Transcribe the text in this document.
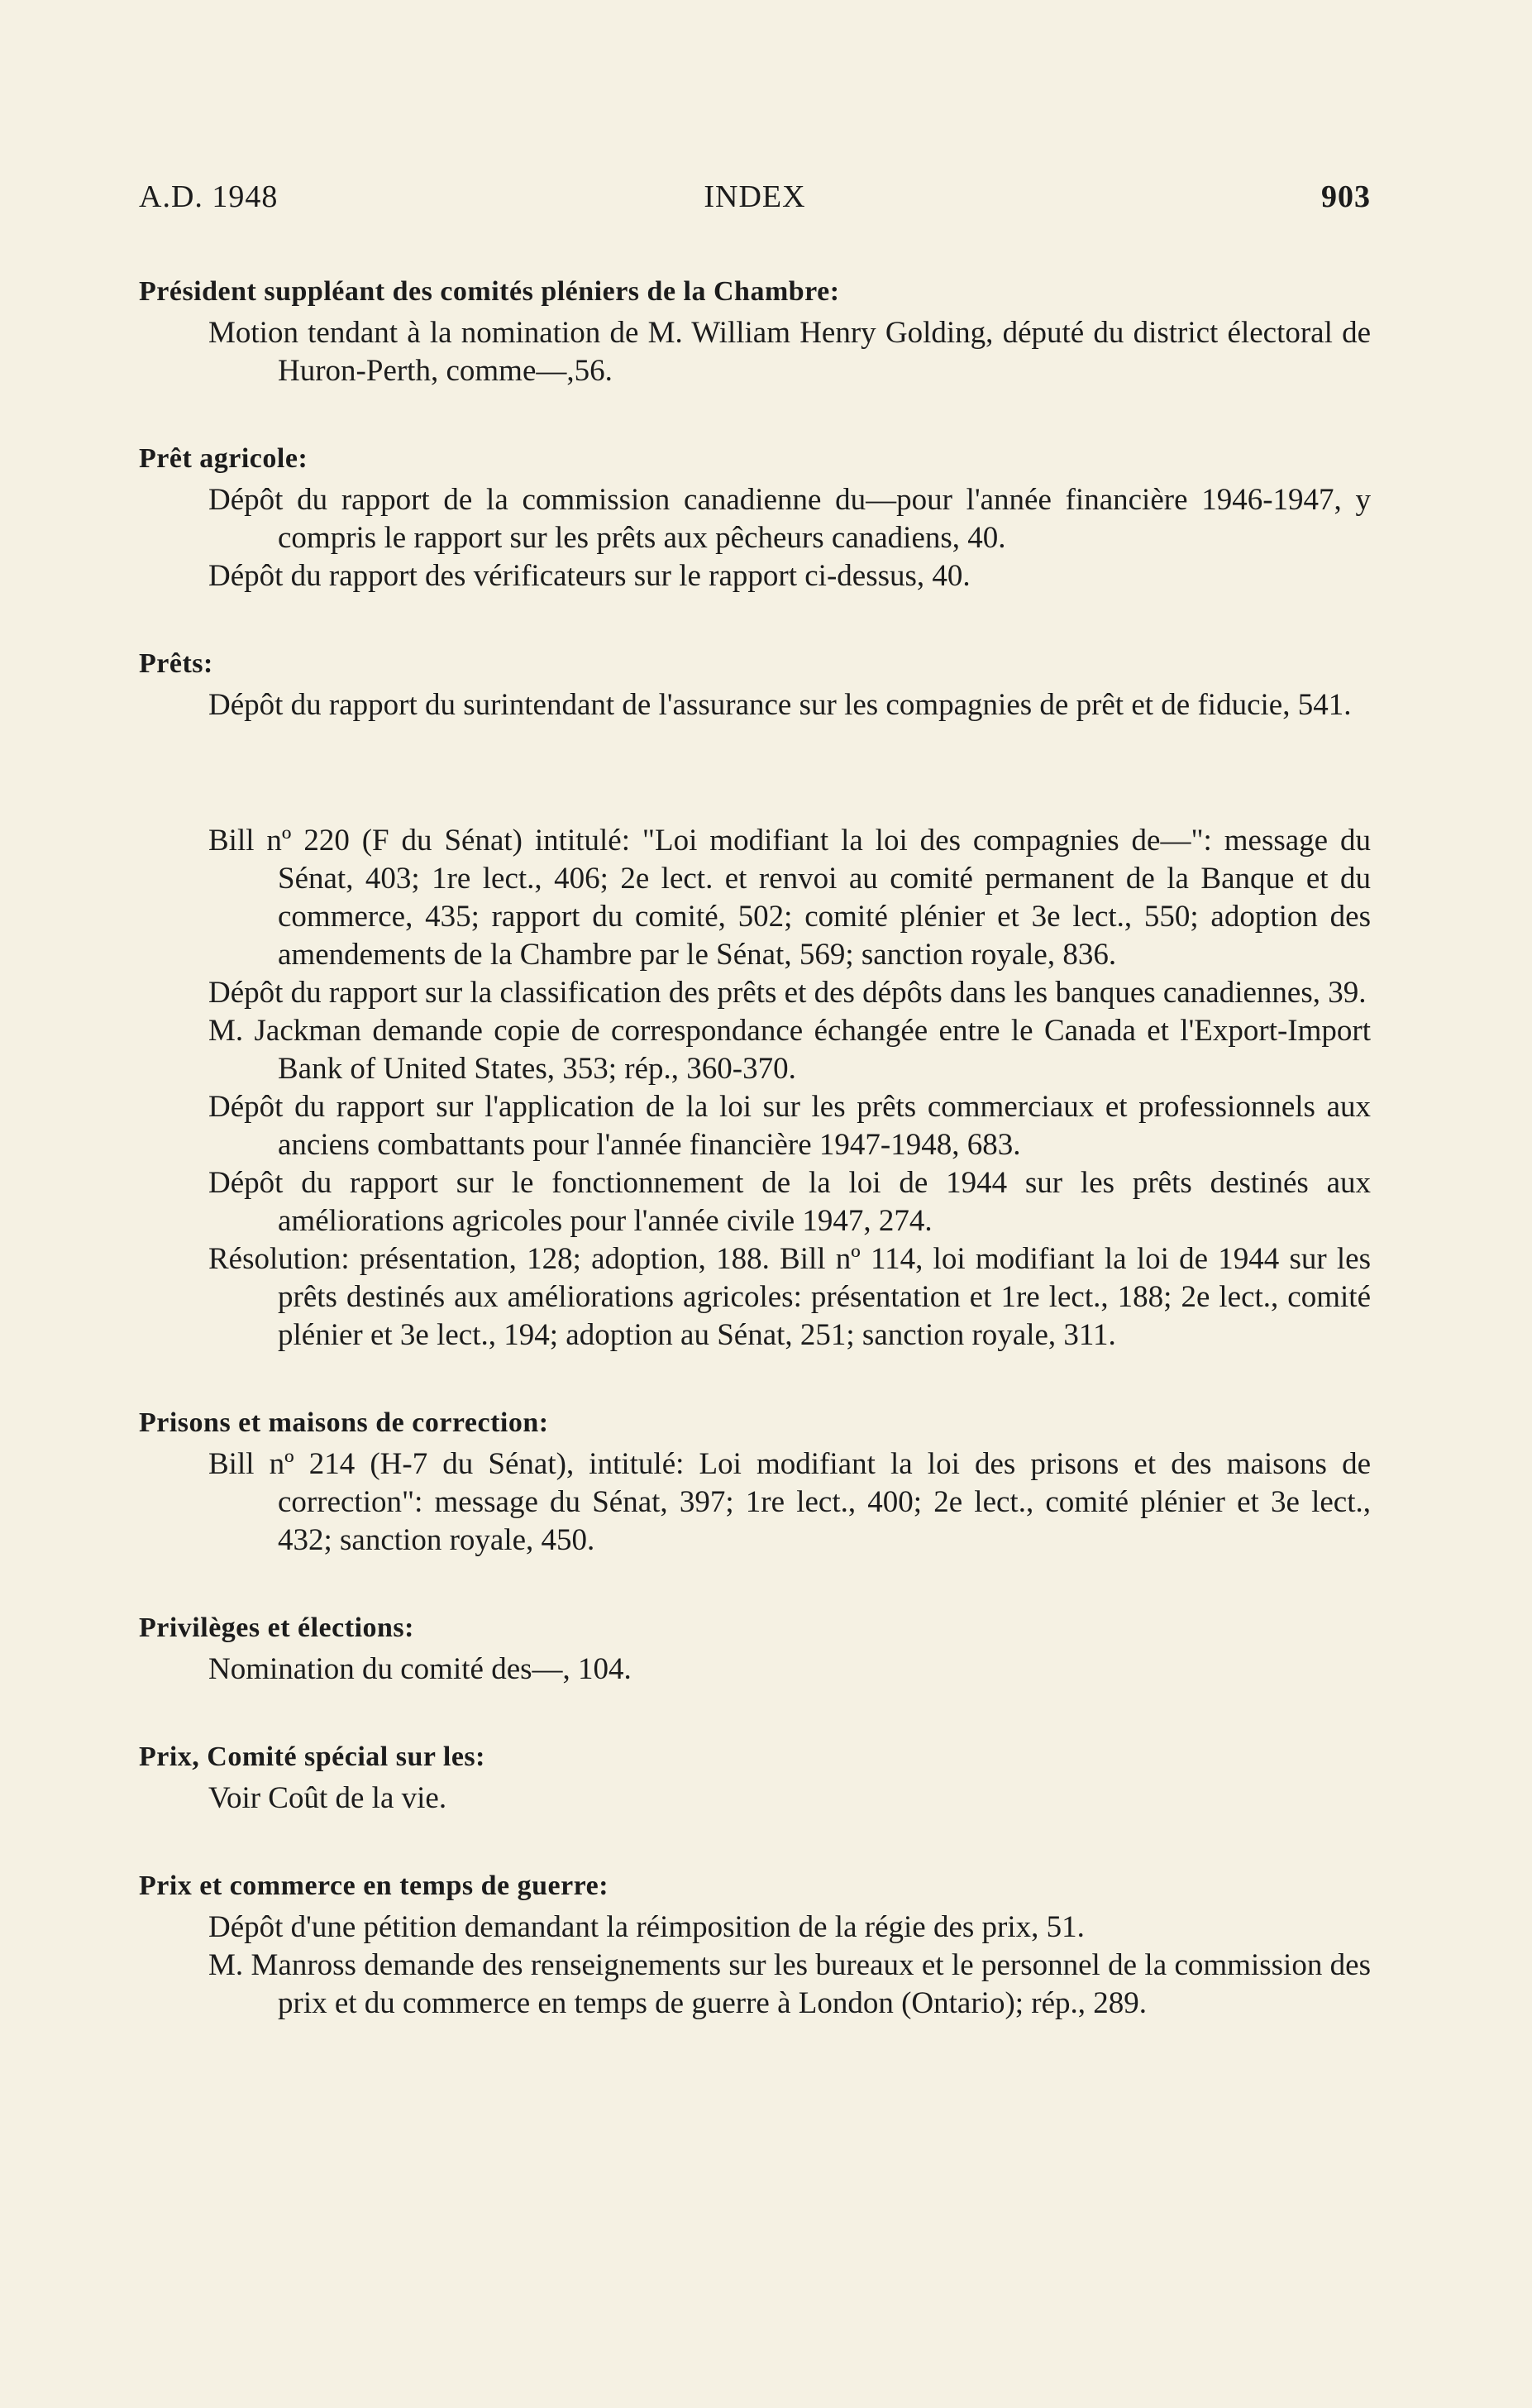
A.D. 1948	INDEX	903
Président suppléant des comités pléniers de la Chambre:
Motion tendant à la nomination de M. William Henry Golding, député du district électoral de Huron-Perth, comme—,56.
Prêt agricole:
Dépôt du rapport de la commission canadienne du—pour l'année financière 1946-1947, y compris le rapport sur les prêts aux pêcheurs canadiens, 40.
Dépôt du rapport des vérificateurs sur le rapport ci-dessus, 40.
Prêts:
Dépôt du rapport du surintendant de l'assurance sur les compagnies de prêt et de fiducie, 541.
Bill nº 220 (F du Sénat) intitulé: "Loi modifiant la loi des compagnies de—": message du Sénat, 403; 1re lect., 406; 2e lect. et renvoi au comité permanent de la Banque et du commerce, 435; rapport du comité, 502; comité plénier et 3e lect., 550; adoption des amendements de la Chambre par le Sénat, 569; sanction royale, 836.
Dépôt du rapport sur la classification des prêts et des dépôts dans les banques canadiennes, 39.
M. Jackman demande copie de correspondance échangée entre le Canada et l'Export-Import Bank of United States, 353; rép., 360-370.
Dépôt du rapport sur l'application de la loi sur les prêts commerciaux et professionnels aux anciens combattants pour l'année financière 1947-1948, 683.
Dépôt du rapport sur le fonctionnement de la loi de 1944 sur les prêts destinés aux améliorations agricoles pour l'année civile 1947, 274.
Résolution: présentation, 128; adoption, 188. Bill nº 114, loi modifiant la loi de 1944 sur les prêts destinés aux améliorations agricoles: présentation et 1re lect., 188; 2e lect., comité plénier et 3e lect., 194; adoption au Sénat, 251; sanction royale, 311.
Prisons et maisons de correction:
Bill nº 214 (H-7 du Sénat), intitulé: Loi modifiant la loi des prisons et des maisons de correction": message du Sénat, 397; 1re lect., 400; 2e lect., comité plénier et 3e lect., 432; sanction royale, 450.
Privilèges et élections:
Nomination du comité des—, 104.
Prix, Comité spécial sur les:
Voir Coût de la vie.
Prix et commerce en temps de guerre:
Dépôt d'une pétition demandant la réimposition de la régie des prix, 51.
M. Manross demande des renseignements sur les bureaux et le personnel de la commission des prix et du commerce en temps de guerre à London (Ontario); rép., 289.
